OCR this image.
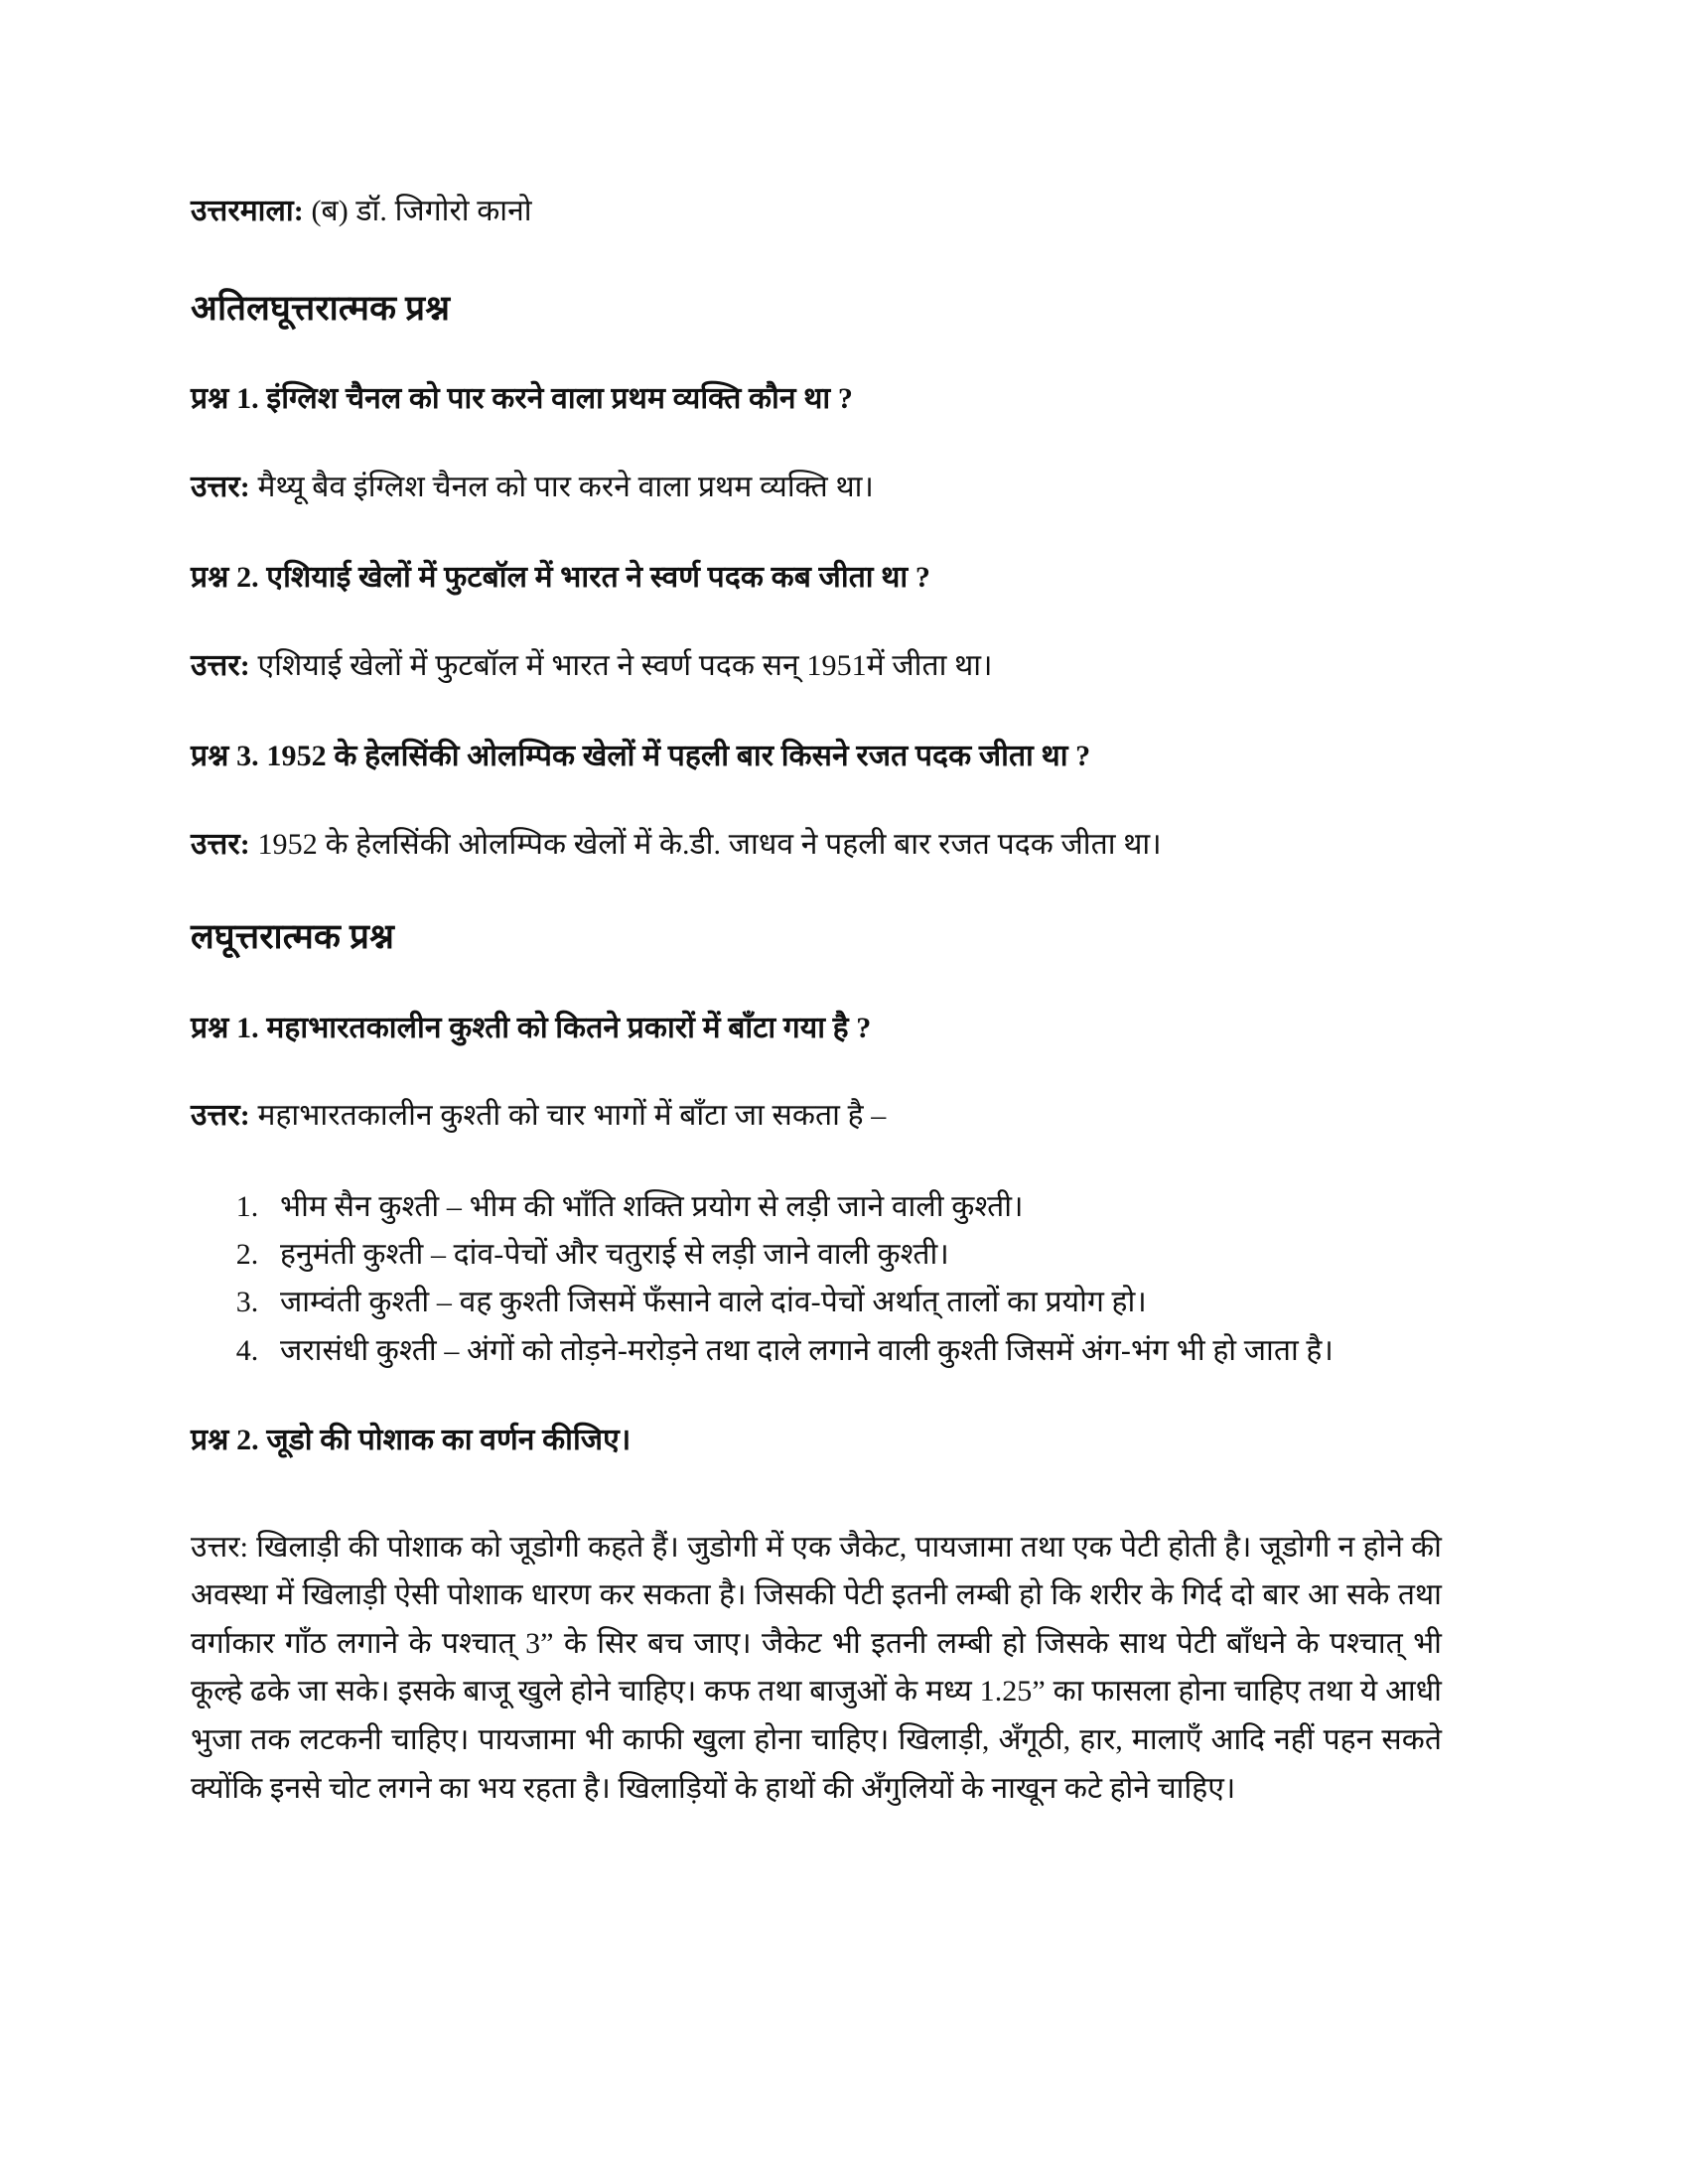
उत्तरमाला: (ब) डॉ. जिगोरो कानो

अतिलघूत्तरात्मक प्रश्न

प्रश्न 1. इंग्लिश चैनल को पार करने वाला प्रथम व्यक्ति कौन था ?

उत्तर: मैथ्यू बैव इंग्लिश चैनल को पार करने वाला प्रथम व्यक्ति था।

प्रश्न 2. एशियाई खेलों में फुटबॉल में भारत ने स्वर्ण पदक कब जीता था ?

उत्तर: एशियाई खेलों में फुटबॉल में भारत ने स्वर्ण पदक सन् 1951में जीता था।

प्रश्न 3. 1952 के हेलसिंकी ओलम्पिक खेलों में पहली बार किसने रजत पदक जीता था ?

उत्तर: 1952 के हेलसिंकी ओलम्पिक खेलों में के.डी. जाधव ने पहली बार रजत पदक जीता था।

लघूत्तरात्मक प्रश्न

प्रश्न 1. महाभारतकालीन कुश्ती को कितने प्रकारों में बाँटा गया है ?

उत्तर: महाभारतकालीन कुश्ती को चार भागों में बाँटा जा सकता है –

1. भीम सैन कुश्ती – भीम की भाँति शक्ति प्रयोग से लड़ी जाने वाली कुश्ती।
2. हनुमंती कुश्ती – दांव-पेचों और चतुराई से लड़ी जाने वाली कुश्ती।
3. जाम्वंती कुश्ती – वह कुश्ती जिसमें फँसाने वाले दांव-पेचों अर्थात् तालों का प्रयोग हो।
4. जरासंधी कुश्ती – अंगों को तोड़ने-मरोड़ने तथा दाले लगाने वाली कुश्ती जिसमें अंग-भंग भी हो जाता है।

प्रश्न 2. जूडो की पोशाक का वर्णन कीजिए।

उत्तर: खिलाड़ी की पोशाक को जूडोगी कहते हैं। जुडोगी में एक जैकेट, पायजामा तथा एक पेटी होती है। जूडोगी न होने की अवस्था में खिलाड़ी ऐसी पोशाक धारण कर सकता है। जिसकी पेटी इतनी लम्बी हो कि शरीर के गिर्द दो बार आ सके तथा वर्गाकार गाँठ लगाने के पश्चात् 3” के सिर बच जाए। जैकेट भी इतनी लम्बी हो जिसके साथ पेटी बाँधने के पश्चात् भी कूल्हे ढके जा सके। इसके बाजू खुले होने चाहिए। कफ तथा बाजुओं के मध्य 1.25” का फासला होना चाहिए तथा ये आधी भुजा तक लटकनी चाहिए। पायजामा भी काफी खुला होना चाहिए। खिलाड़ी, अँगूठी, हार, मालाएँ आदि नहीं पहन सकते क्योंकि इनसे चोट लगने का भय रहता है। खिलाड़ियों के हाथों की अँगुलियों के नाखून कटे होने चाहिए।
